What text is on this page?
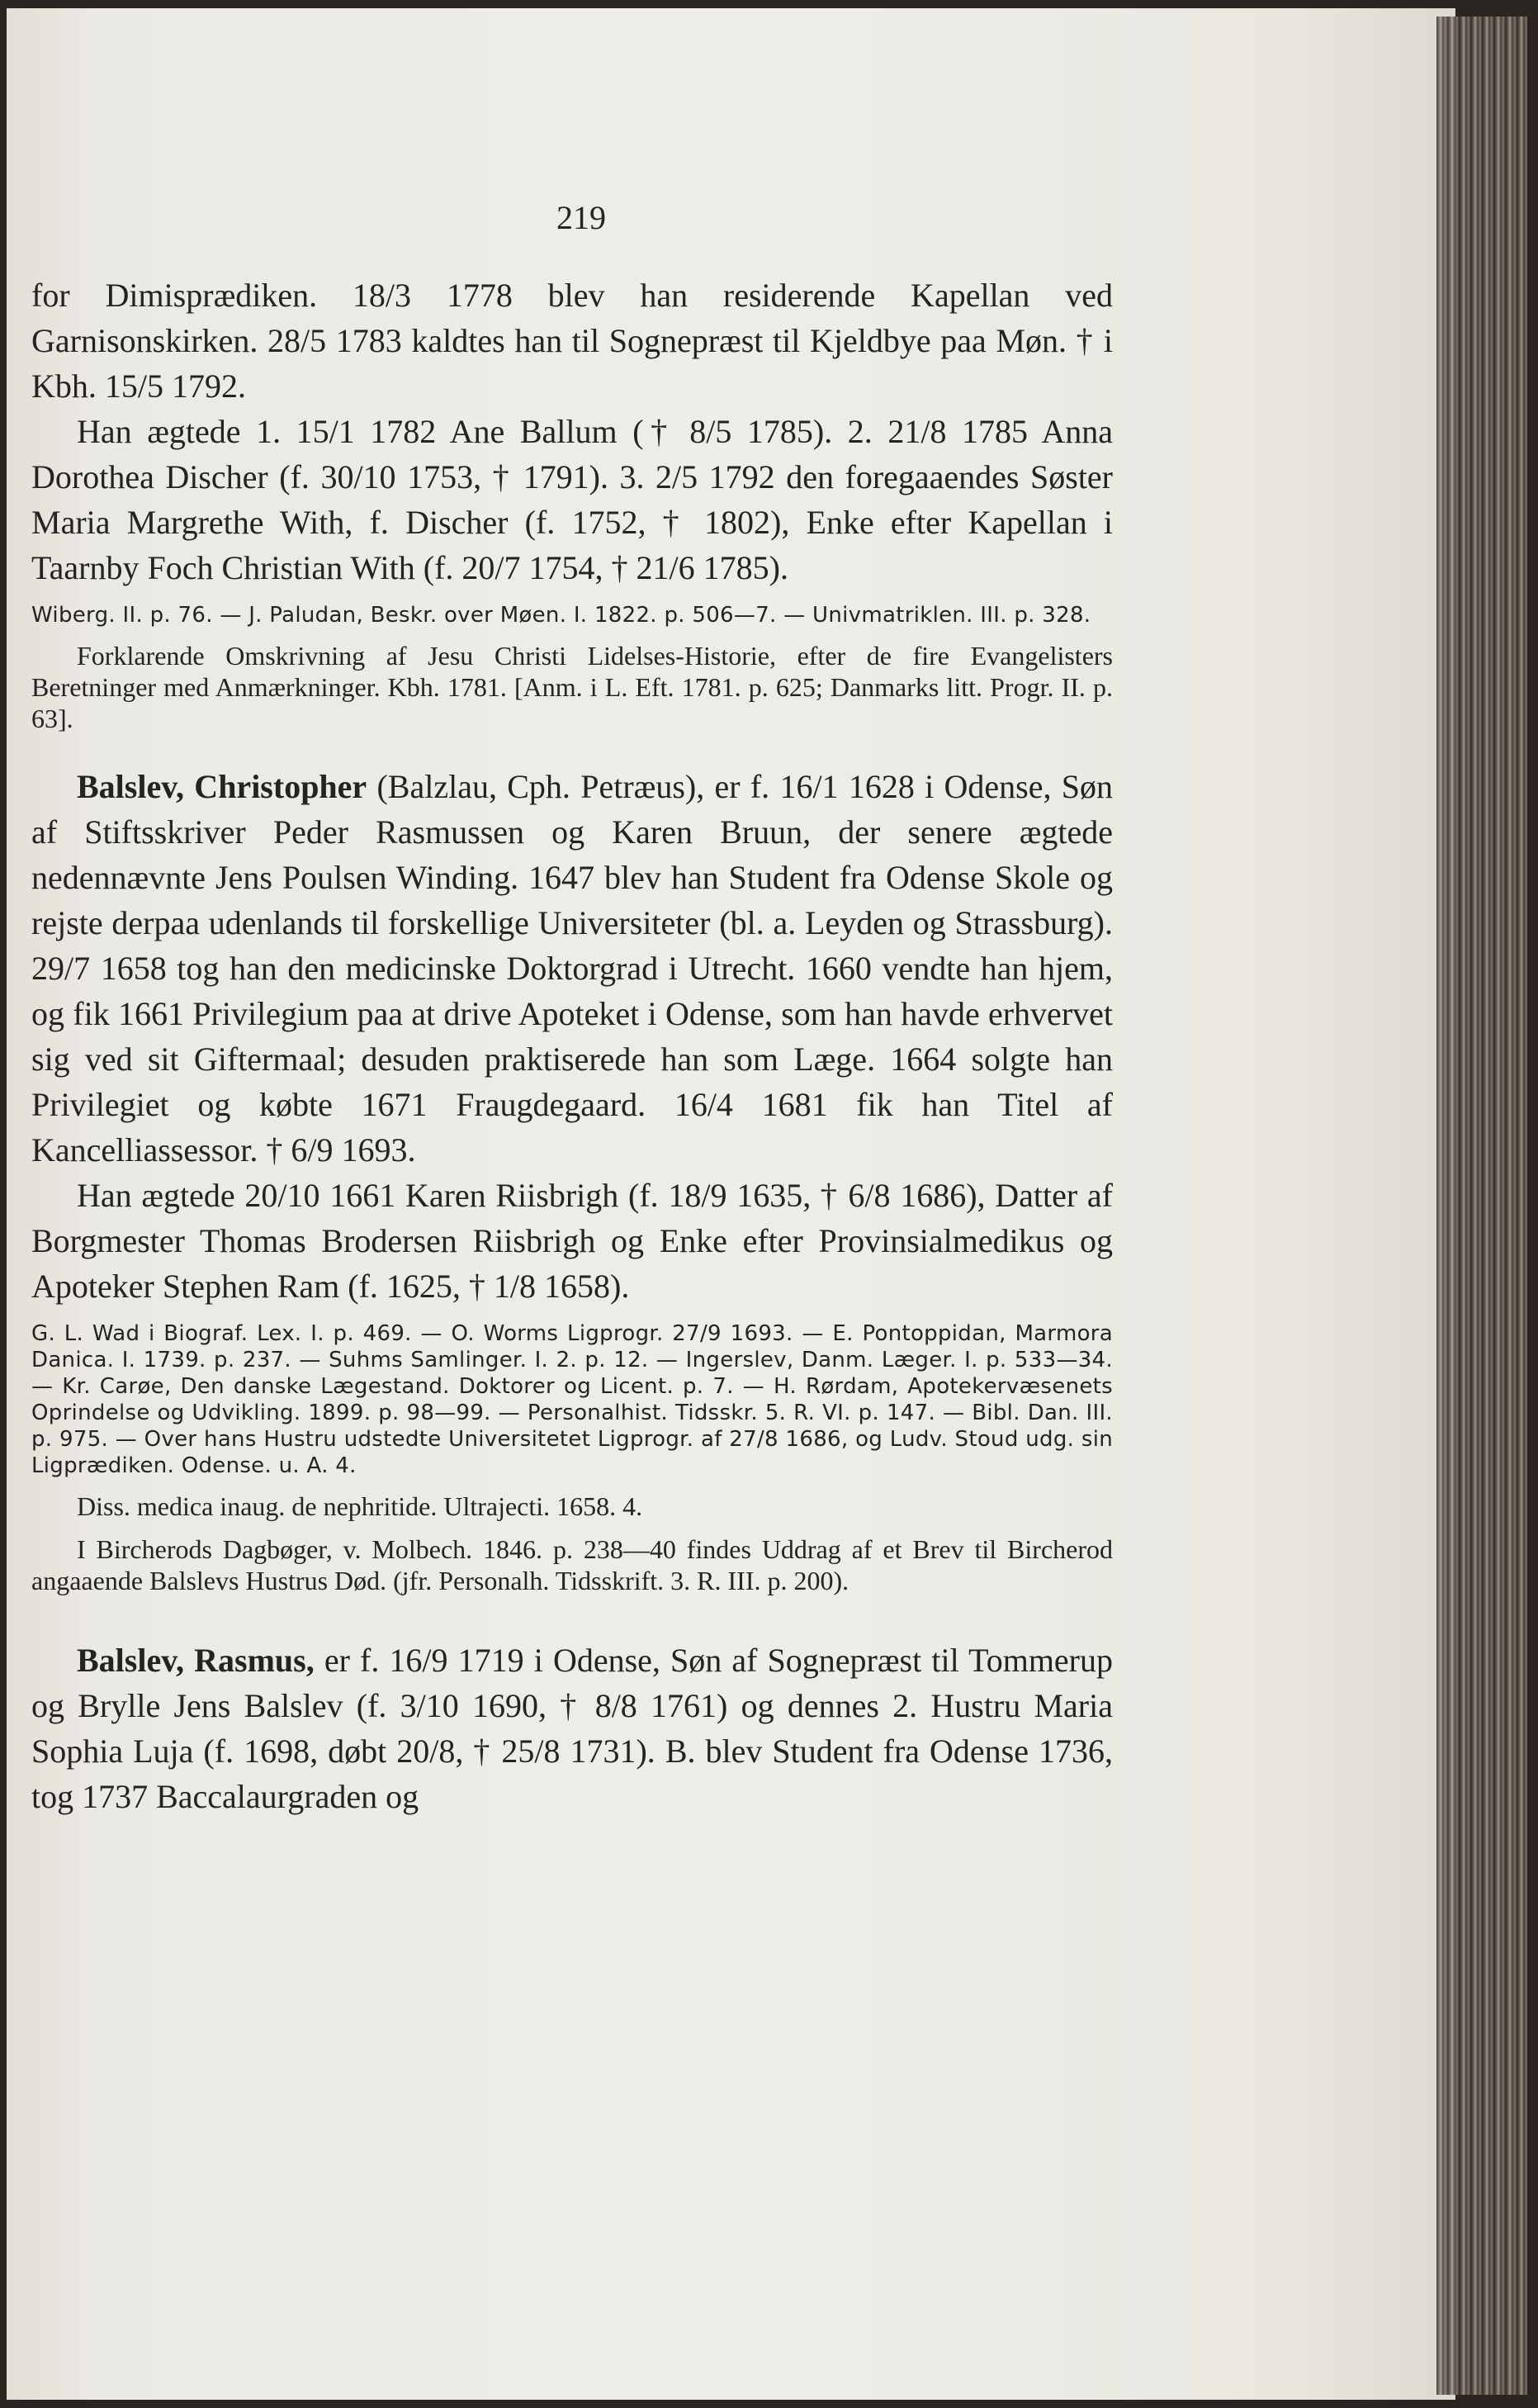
219

for Dimisprædiken. 18/3 1778 blev han residerende Kapellan ved Garnisonskirken. 28/5 1783 kaldtes han til Sognepræst til Kjeldbye paa Møn. † i Kbh. 15/5 1792.

Han ægtede 1. 15/1 1782 Ane Ballum († 8/5 1785). 2. 21/8 1785 Anna Dorothea Discher (f. 30/10 1753, † 1791). 3. 2/5 1792 den foregaaendes Søster Maria Margrethe With, f. Discher (f. 1752, † 1802), Enke efter Kapellan i Taarnby Foch Christian With (f. 20/7 1754, † 21/6 1785).

Wiberg. II. p. 76. — J. Paludan, Beskr. over Møen. I. 1822. p. 506—7. — Univmatriklen. III. p. 328.

Forklarende Omskrivning af Jesu Christi Lidelses-Historie, efter de fire Evangelisters Beretninger med Anmærkninger. Kbh. 1781. [Anm. i L. Eft. 1781. p. 625; Danmarks litt. Progr. II. p. 63].

Balslev, Christopher (Balzlau, Cph. Petræus), er f. 16/1 1628 i Odense, Søn af Stiftsskriver Peder Rasmussen og Karen Bruun, der senere ægtede nedennævnte Jens Poulsen Winding. 1647 blev han Student fra Odense Skole og rejste derpaa udenlands til forskellige Universiteter (bl. a. Leyden og Strassburg). 29/7 1658 tog han den medicinske Doktorgrad i Utrecht. 1660 vendte han hjem, og fik 1661 Privilegium paa at drive Apoteket i Odense, som han havde erhvervet sig ved sit Giftermaal; desuden praktiserede han som Læge. 1664 solgte han Privilegiet og købte 1671 Fraugdegaard. 16/4 1681 fik han Titel af Kancelliassessor. † 6/9 1693.

Han ægtede 20/10 1661 Karen Riisbrigh (f. 18/9 1635, † 6/8 1686), Datter af Borgmester Thomas Brodersen Riisbrigh og Enke efter Provinsialmedikus og Apoteker Stephen Ram (f. 1625, † 1/8 1658).

G. L. Wad i Biograf. Lex. I. p. 469. — O. Worms Ligprogr. 27/9 1693. — E. Pontoppidan, Marmora Danica. I. 1739. p. 237. — Suhms Samlinger. I. 2. p. 12. — Ingerslev, Danm. Læger. I. p. 533—34. — Kr. Carøe, Den danske Lægestand. Doktorer og Licent. p. 7. — H. Rørdam, Apotekervæsenets Oprindelse og Udvikling. 1899. p. 98—99. — Personalhist. Tidsskr. 5. R. VI. p. 147. — Bibl. Dan. III. p. 975. — Over hans Hustru udstedte Universitetet Ligprogr. af 27/8 1686, og Ludv. Stoud udg. sin Ligprædiken. Odense. u. A. 4.

Diss. medica inaug. de nephritide. Ultrajecti. 1658. 4.

I Bircherods Dagbøger, v. Molbech. 1846. p. 238—40 findes Uddrag af et Brev til Bircherod angaaende Balslevs Hustrus Død. (jfr. Personalh. Tidsskrift. 3. R. III. p. 200).

Balslev, Rasmus, er f. 16/9 1719 i Odense, Søn af Sognepræst til Tommerup og Brylle Jens Balslev (f. 3/10 1690, † 8/8 1761) og dennes 2. Hustru Maria Sophia Luja (f. 1698, døbt 20/8, † 25/8 1731). B. blev Student fra Odense 1736, tog 1737 Baccalaurgraden og
